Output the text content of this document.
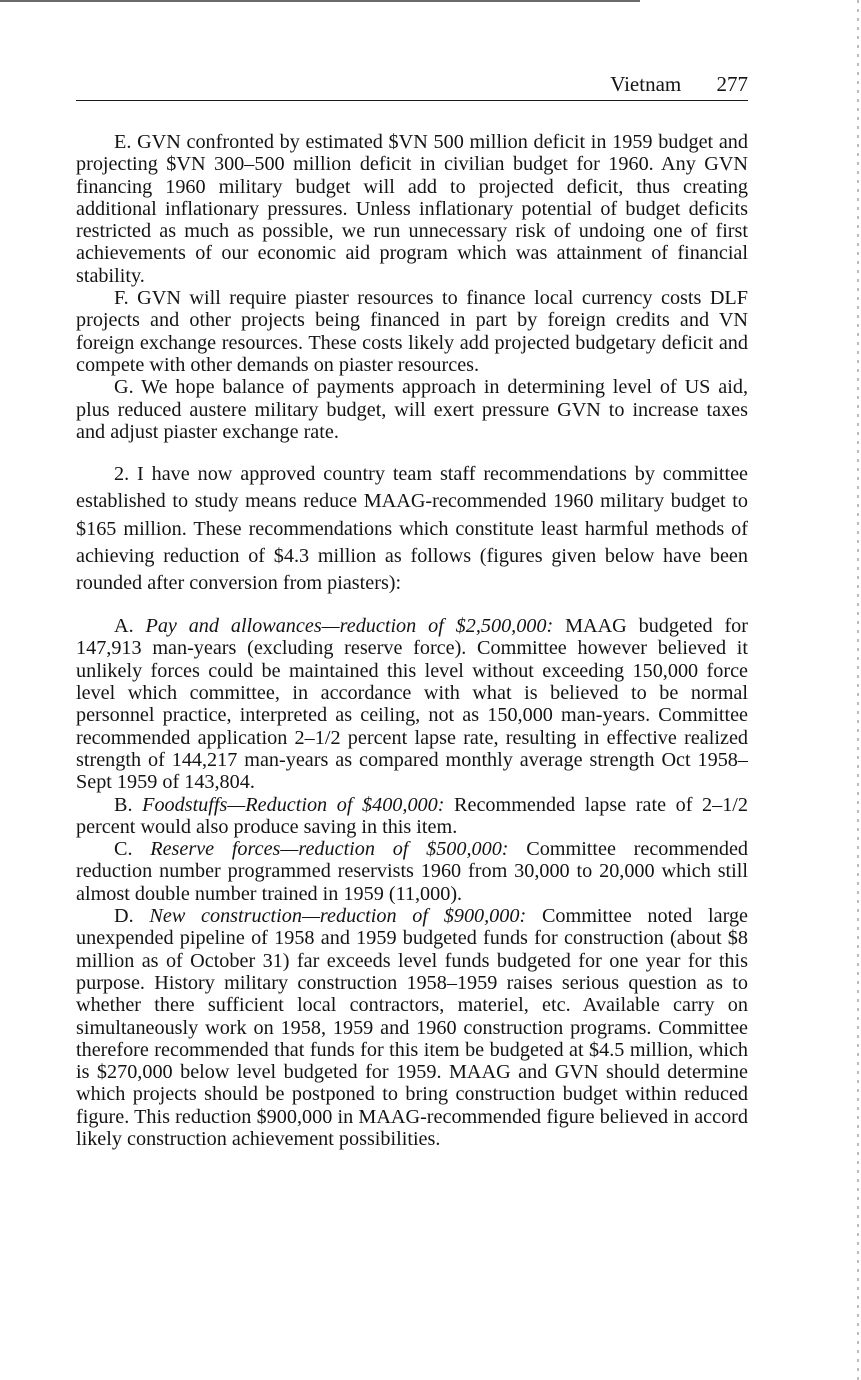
Vietnam 277

E. GVN confronted by estimated $VN 500 million deficit in 1959 budget and projecting $VN 300–500 million deficit in civilian budget for 1960. Any GVN financing 1960 military budget will add to projected deficit, thus creating additional inflationary pressures. Unless inflationary potential of budget deficits restricted as much as possible, we run unnecessary risk of undoing one of first achievements of our economic aid program which was attainment of financial stability.

F. GVN will require piaster resources to finance local currency costs DLF projects and other projects being financed in part by foreign credits and VN foreign exchange resources. These costs likely add projected budgetary deficit and compete with other demands on piaster resources.

G. We hope balance of payments approach in determining level of US aid, plus reduced austere military budget, will exert pressure GVN to increase taxes and adjust piaster exchange rate.

2. I have now approved country team staff recommendations by committee established to study means reduce MAAG-recommended 1960 military budget to $165 million. These recommendations which constitute least harmful methods of achieving reduction of $4.3 million as follows (figures given below have been rounded after conversion from piasters):

A. Pay and allowances—reduction of $2,500,000: MAAG budgeted for 147,913 man-years (excluding reserve force). Committee however believed it unlikely forces could be maintained this level without exceeding 150,000 force level which committee, in accordance with what is believed to be normal personnel practice, interpreted as ceiling, not as 150,000 man-years. Committee recommended application 2–1/2 percent lapse rate, resulting in effective realized strength of 144,217 man-years as compared monthly average strength Oct 1958–Sept 1959 of 143,804.

B. Foodstuffs—Reduction of $400,000: Recommended lapse rate of 2–1/2 percent would also produce saving in this item.

C. Reserve forces—reduction of $500,000: Committee recommended reduction number programmed reservists 1960 from 30,000 to 20,000 which still almost double number trained in 1959 (11,000).

D. New construction—reduction of $900,000: Committee noted large unexpended pipeline of 1958 and 1959 budgeted funds for construction (about $8 million as of October 31) far exceeds level funds budgeted for one year for this purpose. History military construction 1958–1959 raises serious question as to whether there sufficient local contractors, materiel, etc. Available carry on simultaneously work on 1958, 1959 and 1960 construction programs. Committee therefore recommended that funds for this item be budgeted at $4.5 million, which is $270,000 below level budgeted for 1959. MAAG and GVN should determine which projects should be postponed to bring construction budget within reduced figure. This reduction $900,000 in MAAG-recommended figure believed in accord likely construction achievement possibilities.
